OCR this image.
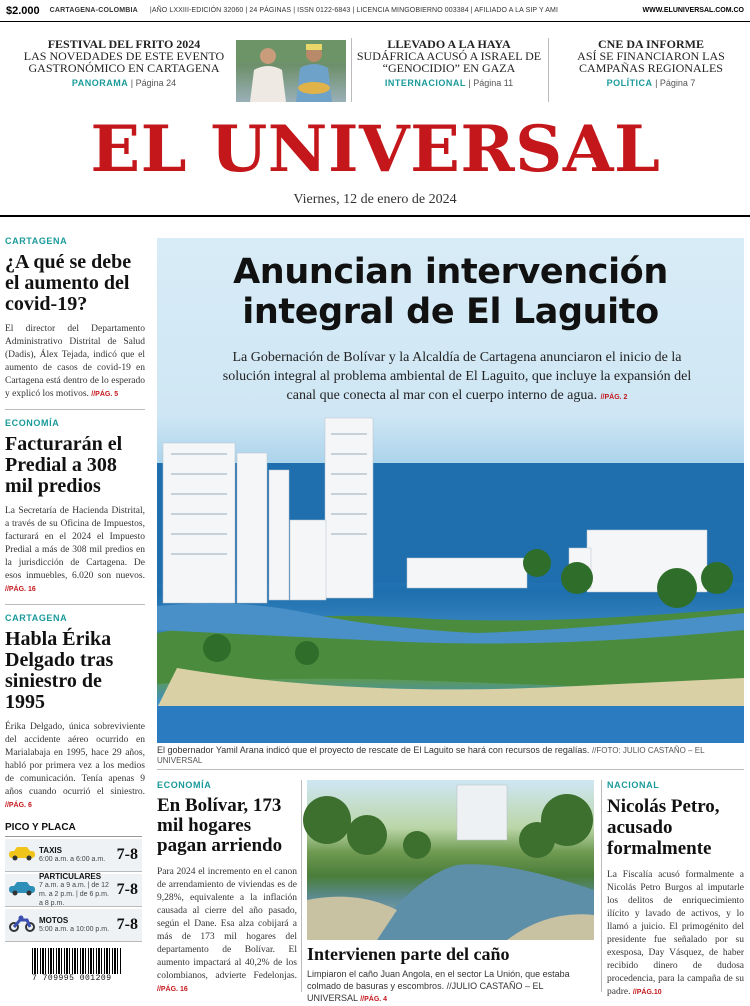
$2.000 CARTAGENA-COLOMBIA |AÑO LXXIII-EDICIÓN 32060 | 24 PÁGINAS | ISSN 0122-6843 | LICENCIA MINGOBIERNO 003384 | AFILIADO A LA SIP Y AMI	WWW.ELUNIVERSAL.COM.CO
FESTIVAL DEL FRITO 2024
LAS NOVEDADES DE ESTE EVENTO GASTRONÓMICO EN CARTAGENA
PANORAMA | Página 24
LLEVADO A LA HAYA
SUDÁFRICA ACUSÓ A ISRAEL DE “GENOCIDIO” EN GAZA
INTERNACIONAL | Página 11
CNE DA INFORME
ASÍ SE FINANCIARON LAS CAMPAÑAS REGIONALES
POLÍTICA | Página 7
EL UNIVERSAL
Viernes, 12 de enero de 2024
CARTAGENA
¿A qué se debe el aumento del covid-19?
El director del Departamento Administrativo Distrital de Salud (Dadis), Álex Tejada, indicó que el aumento de casos de covid-19 en Cartagena está dentro de lo esperado y explicó los motivos. //PÁG. 5
ECONOMÍA
Facturarán el Predial a 308 mil predios
La Secretaría de Hacienda Distrital, a través de su Oficina de Impuestos, facturará en el 2024 el Impuesto Predial a más de 308 mil predios en la jurisdicción de Cartagena. De esos inmuebles, 6.020 son nuevos. //PÁG. 16
CARTAGENA
Habla Érika Delgado tras siniestro de 1995
Érika Delgado, única sobreviviente del accidente aéreo ocurrido en Marialabaja en 1995, hace 29 años, habló por primera vez a los medios de comunicación. Tenía apenas 9 años cuando ocurrió el siniestro. //PÁG. 6
PICO Y PLACA
TAXIS
6:00 a.m. a 6:00 a.m. 7-8
PARTICULARES
7 a.m. a 9 a.m. | de 12 m. a 2 p.m. | de 6 p.m. a 8 p.m.
7-8
MOTOS
5:00 a.m. a 10:00 p.m. 7-8
7 709995 001209
Anuncian intervención integral de El Laguito
La Gobernación de Bolívar y la Alcaldía de Cartagena anunciaron el inicio de la solución integral al problema ambiental de El Laguito, que incluye la expansión del canal que conecta al mar con el cuerpo interno de agua. //PÁG. 2
El gobernador Yamil Arana indicó que el proyecto de rescate de El Laguito se hará con recursos de regalías. //FOTO: JULIO CASTAÑO – EL UNIVERSAL
ECONOMÍA
En Bolívar, 173 mil hogares pagan arriendo
Para 2024 el incremento en el canon de arrendamiento de viviendas es de 9,28%, equivalente a la inflación causada al cierre del año pasado, según el Dane. Esa alza cobijará a más de 173 mil hogares del departamento de Bolívar. El aumento impactará al 40,2% de los colombianos, advierte Fedelonjas. //PÁG. 16
Intervienen parte del caño
Limpiaron el caño Juan Angola, en el sector La Unión, que estaba colmado de basuras y escombros. //JULIO CASTAÑO – EL UNIVERSAL //PÁG. 4
NACIONAL
Nicolás Petro, acusado formalmente
La Fiscalía acusó formalmente a Nicolás Petro Burgos al imputarle los delitos de enriquecimiento ilícito y lavado de activos, y lo llamó a juicio. El primogénito del presidente fue señalado por su exesposa, Day Vásquez, de haber recibido dinero de dudosa procedencia, para la campaña de su padre. //PÁG.10
